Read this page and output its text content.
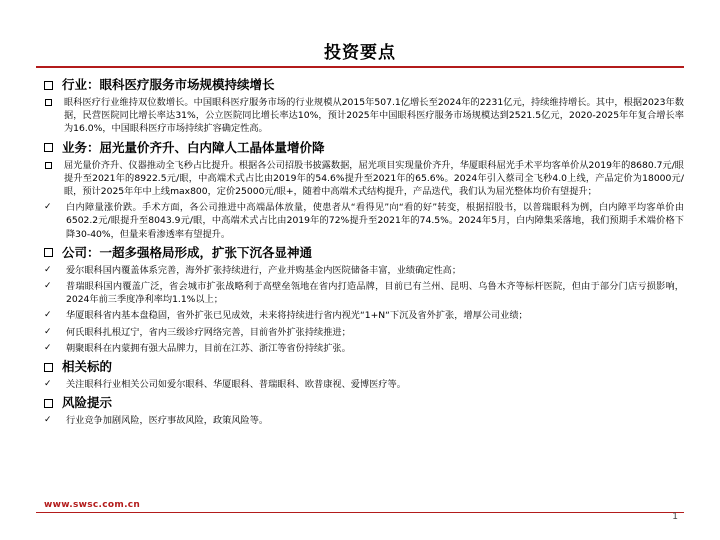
投资要点
行业：眼科医疗服务市场规模持续增长
眼科医疗行业维持双位数增长。中国眼科医疗服务市场的行业规模从2015年507.1亿增长至2024年的2231亿元，持续维持增长。其中，根据2023年数据，民营医院同比增长率达31%，公立医院同比增长率达10%，预计2025年中国眼科医疗服务市场规模达到2521.5亿元，2020-2025年年复合增长率为16.0%，中国眼科医疗市场持续扩容确定性高。
业务：屈光量价齐升、白内障人工晶体量增价降
屈光量价齐升、仪器推动全飞秒占比提升。根据各公司招股书披露数据，屈光项目实现量价齐升，华厦眼科屈光手术平均客单价从2019年的8680.7元/眼提升至2021年的8922.5元/眼，中高端术式占比由2019年的54.6%提升至2021年的65.6%。2024年引入蔡司全飞秒4.0上线，产品定价为18000元/眼，预计2025年年中上线max800，定价25000元/眼+，随着中高端术式结构提升，产品迭代，我们认为屈光整体均价有望提升；
✓	白内障量涨价跌。手术方面，各公司推进中高端晶体放量，使患者从“看得见”向“看的好”转变，根据招股书，以普瑞眼科为例，白内障平均客单价由6502.2元/眼提升至8043.9元/眼，中高端术式占比由2019年的72%提升至2021年的74.5%。2024年5月，白内障集采落地，我们预期手术端价格下降30-40%，但量来看渗透率有望提升。
公司：一超多强格局形成，扩张下沉各显神通
✓	爱尔眼科国内覆盖体系完善，海外扩张持续进行，产业并购基金内医院储备丰富，业绩确定性高；
✓	普瑞眼科国内覆盖广泛，省会城市扩张战略利于高壁垒瓴地在省内打造品牌，目前已有兰州、昆明、乌鲁木齐等标杆医院，但由于部分门店亏损影响，2024年前三季度净利率均1.1%以上；
✓	华厦眼科省内基本盘稳固，省外扩张已见成效，未来将持续进行省内视光“1+N“下沉及省外扩张，增厚公司业绩；
✓	何氏眼科扎根辽宁，省内三级诊疗网络完善，目前省外扩张持续推进；
✓	朝聚眼科在内蒙拥有强大品牌力，目前在江苏、浙江等省份持续扩张。
相关标的
✓	关注眼科行业相关公司如爱尔眼科、华厦眼科、普瑞眼科、欧普康视、爱博医疗等。
风险提示
✓	行业竞争加剧风险，医疗事故风险，政策风险等。
www.swsc.com.cn
1
